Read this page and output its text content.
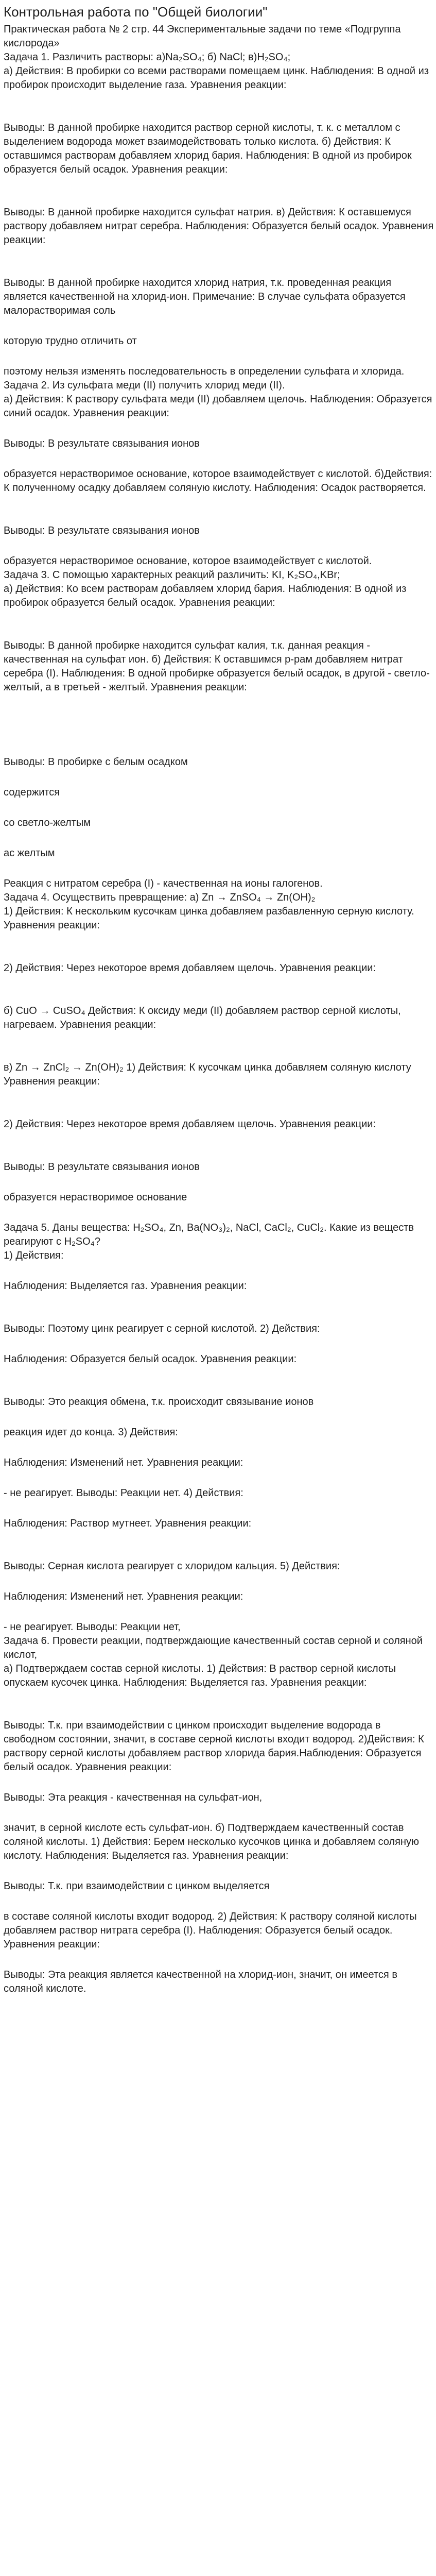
Контрольная работа по "Общей биологии"

Практическая работа № 2 стр. 44 Экспериментальные задачи по теме «Подгруппа кислорода»

Задача 1. Различить растворы: а)Na₂SO₄; б) NaCl; в)H₂SO₄;

а) Действия: В пробирки со всеми растворами помещаем цинк. Наблюдения: В одной из пробирок происходит выделение газа. Уравнения реакции:

Выводы: В данной пробирке находится раствор серной кислоты, т. к. с металлом с выделением водорода может взаимодействовать только кислота. б) Действия: К оставшимся растворам добавляем хлорид бария. Наблюдения: В одной из пробирок образуется белый осадок. Уравнения реакции:

Выводы: В данной пробирке находится сульфат натрия. в) Действия: К оставшемуся раствору добавляем нитрат серебра. Наблюдения: Образуется белый осадок. Уравнения реакции:

Выводы: В данной пробирке находится хлорид натрия, т.к. проведенная реакция является качественной на хлорид-ион. Примечание: В случае сульфата образуется малорастворимая соль

которую трудно отличить от

поэтому нельзя изменять последовательность в определении сульфата и хлорида.

Задача 2. Из сульфата меди (II) получить хлорид меди (II).

а) Действия: К раствору сульфата меди (II) добавляем щелочь. Наблюдения: Образуется синий осадок. Уравнения реакции:

Выводы: В результате связывания ионов

образуется нерастворимое основание, которое взаимодействует с кислотой. б)Действия: К полученному осадку добавляем соляную кислоту. Наблюдения: Осадок растворяется.

Выводы: В результате связывания ионов

образуется нерастворимое основание, которое взаимодействует с кислотой.

Задача 3. С помощью характерных реакций различить: KI, K₂SO₄,KBr;

а) Действия: Ко всем растворам добавляем хлорид бария. Наблюдения: В одной из пробирок образуется белый осадок. Уравнения реакции:

Выводы: В данной пробирке находится сульфат калия, т.к. данная реакция - качественная на сульфат ион. б) Действия: К оставшимся р-рам добавляем нитрат серебра (I). Наблюдения: В одной пробирке образуется белый осадок, в другой - светло-желтый, а в третьей - желтый. Уравнения реакции:

Выводы: В пробирке с белым осадком

содержится

со светло-желтым

ас желтым

Реакция с нитратом серебра (I) - качественная на ионы галогенов.

Задача 4. Осуществить превращение: а) Zn → ZnSO₄ → Zn(OH)₂

1) Действия: К нескольким кусочкам цинка добавляем разбавленную серную кислоту. Уравнения реакции:

2) Действия: Через некоторое время добавляем щелочь. Уравнения реакции:

б) CuO → CuSO₄ Действия: К оксиду меди (II) добавляем раствор серной кислоты, нагреваем. Уравнения реакции:

в) Zn → ZnCl₂ → Zn(OH)₂ 1) Действия: К кусочкам цинка добавляем соляную кислоту Уравнения реакции:

2) Действия: Через некоторое время добавляем щелочь. Уравнения реакции:

Выводы: В результате связывания ионов

образуется нерастворимое основание

Задача 5. Даны вещества: H₂SO₄, Zn, Ba(NO₃)₂, NaCl, CaCl₂, CuCl₂. Какие из веществ реагируют с H₂SO₄?

1) Действия:

Наблюдения: Выделяется газ. Уравнения реакции:

Выводы: Поэтому цинк реагирует с серной кислотой. 2) Действия:

Наблюдения: Образуется белый осадок. Уравнения реакции:

Выводы: Это реакция обмена, т.к. происходит связывание ионов

реакция идет до конца. 3) Действия:

Наблюдения: Изменений нет. Уравнения реакции:

- не реагирует. Выводы: Реакции нет. 4) Действия:

Наблюдения: Раствор мутнеет. Уравнения реакции:

Выводы: Серная кислота реагирует с хлоридом кальция. 5) Действия:

Наблюдения: Изменений нет. Уравнения реакции:

- не реагирует. Выводы: Реакции нет,

Задача 6. Провести реакции, подтверждающие качественный состав серной и соляной кислот,

а) Подтверждаем состав серной кислоты. 1) Действия: В раствор серной кислоты опускаем кусочек цинка. Наблюдения: Выделяется газ. Уравнения реакции:

Выводы: Т.к. при взаимодействии с цинком происходит выделение водорода в свободном состоянии, значит, в составе серной кислоты входит водород. 2)Действия: К раствору серной кислоты добавляем раствор хлорида бария.Наблюдения: Образуется белый осадок. Уравнения реакции:

Выводы: Эта реакция - качественная на сульфат-ион,

значит, в серной кислоте есть сульфат-ион. б) Подтверждаем качественный состав соляной кислоты. 1) Действия: Берем несколько кусочков цинка и добавляем соляную кислоту. Наблюдения: Выделяется газ. Уравнения реакции:

Выводы: Т.к. при взаимодействии с цинком выделяется

в составе соляной кислоты входит водород. 2) Действия: К раствору соляной кислоты добавляем раствор нитрата серебра (I). Наблюдения: Образуется белый осадок. Уравнения реакции:

Выводы: Эта реакция является качественной на хлорид-ион, значит, он имеется в соляной кислоте.
